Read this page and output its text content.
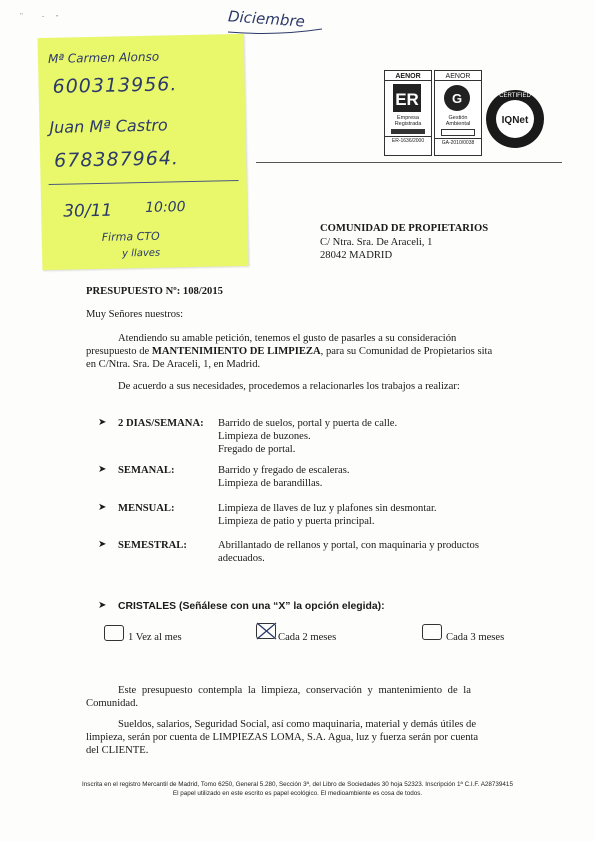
"	- •	Diciembre
Mª Carmen Alonso
600313956.
Juan Mª Castro
678387964.
30/11 10:00
Firma CTO
y llaves
AENOR
ER
Empresa
Registrada
ER-1636/2000
AENOR
G
Gestión
Ambiental
GA-2010/0038
CERTIFIED
IQNet
COMUNIDAD DE PROPIETARIOS
C/ Ntra. Sra. De Araceli, 1
28042 MADRID
PRESUPUESTO Nº: 108/2015
Muy Señores nuestros:
Atendiendo su amable petición, tenemos el gusto de pasarles a su consideración
presupuesto de MANTENIMIENTO DE LIMPIEZA, para su Comunidad de Propietarios sita
en C/Ntra. Sra. De Araceli, 1, en Madrid.
De acuerdo a sus necesidades, procedemos a relacionarles los trabajos a realizar:
➤ 2 DIAS/SEMANA: Barrido de suelos, portal y puerta de calle.
Limpieza de buzones.
Fregado de portal.
➤ SEMANAL:	Barrido y fregado de escaleras.
Limpieza de barandillas.
➤ MENSUAL:	Limpieza de llaves de luz y plafones sin desmontar.
Limpieza de patio y puerta principal.
➤ SEMESTRAL:	Abrillantado de rellanos y portal, con maquinaria y productos
adecuados.
➤ CRISTALES (Señálese con una “X” la opción elegida):
1 Vez al mes	Cada 2 meses	Cada 3 meses
Este presupuesto contempla la limpieza, conservación y mantenimiento de la
Comunidad.
Sueldos, salarios, Seguridad Social, así como maquinaria, material y demás útiles de
limpieza, serán por cuenta de LIMPIEZAS LOMA, S.A. Agua, luz y fuerza serán por cuenta
del CLIENTE.
Inscrita en el registro Mercantil de Madrid, Tomo 6250, General 5.280, Sección 3ª, del Libro de Sociedades 30 hoja 52323. Inscripción 1ª C.I.F. A28739415
El papel utilizado en este escrito es papel ecológico. El medioambiente es cosa de todos.
